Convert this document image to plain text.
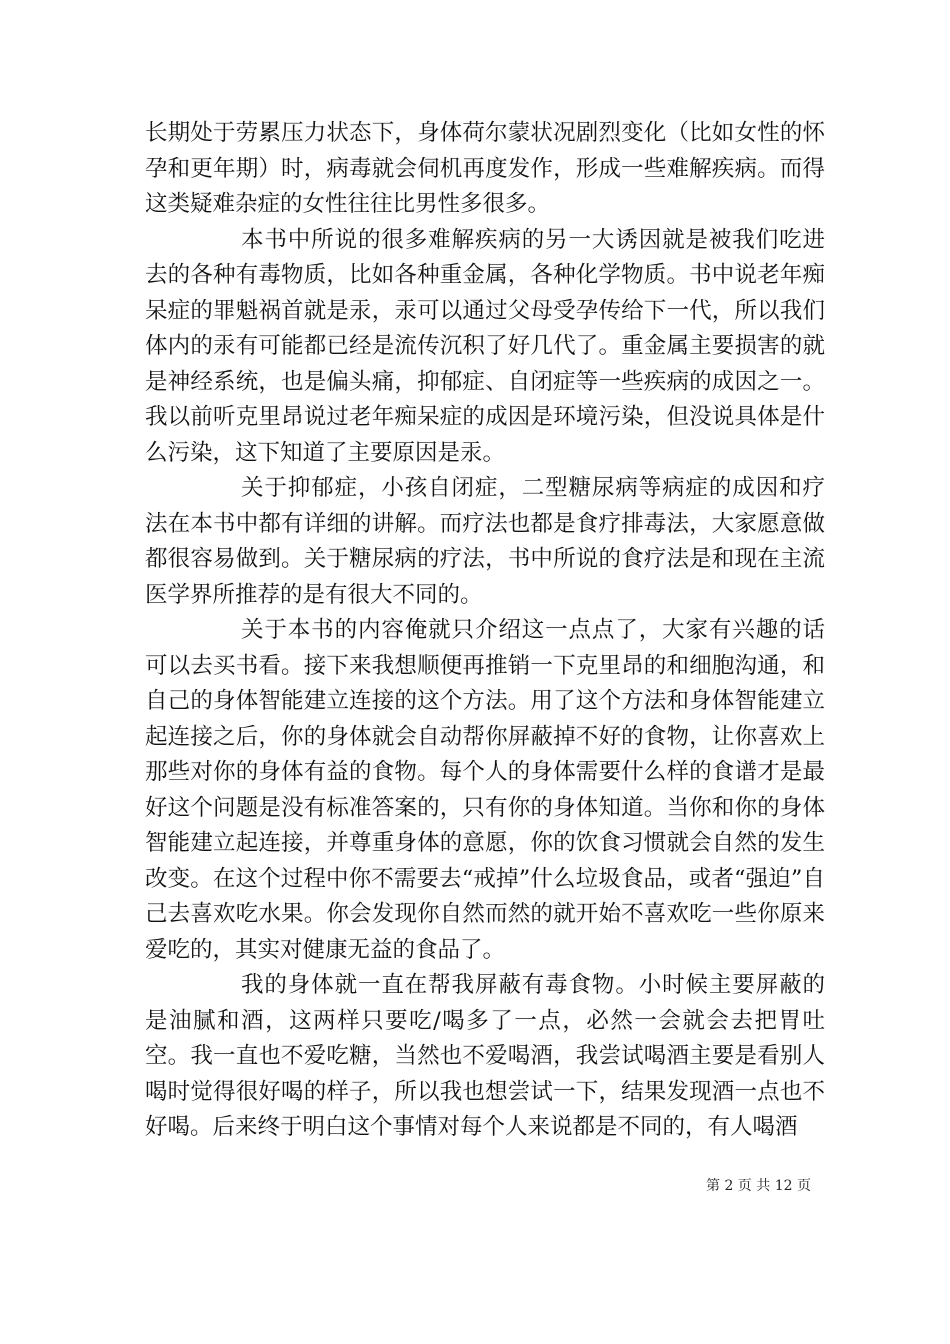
长期处于劳累压力状态下，身体荷尔蒙状况剧烈变化（比如女性的怀孕和更年期）时，病毒就会伺机再度发作，形成一些难解疾病。而得这类疑难杂症的女性往往比男性多很多。

本书中所说的很多难解疾病的另一大诱因就是被我们吃进去的各种有毒物质，比如各种重金属，各种化学物质。书中说老年痴呆症的罪魁祸首就是汞，汞可以通过父母受孕传给下一代，所以我们体内的汞有可能都已经是流传沉积了好几代了。重金属主要损害的就是神经系统，也是偏头痛，抑郁症、自闭症等一些疾病的成因之一。我以前听克里昂说过老年痴呆症的成因是环境污染，但没说具体是什么污染，这下知道了主要原因是汞。

关于抑郁症，小孩自闭症，二型糖尿病等病症的成因和疗法在本书中都有详细的讲解。而疗法也都是食疗排毒法，大家愿意做都很容易做到。关于糖尿病的疗法，书中所说的食疗法是和现在主流医学界所推荐的是有很大不同的。

关于本书的内容俺就只介绍这一点点了，大家有兴趣的话可以去买书看。接下来我想顺便再推销一下克里昂的和细胞沟通，和自己的身体智能建立连接的这个方法。用了这个方法和身体智能建立起连接之后，你的身体就会自动帮你屏蔽掉不好的食物，让你喜欢上那些对你的身体有益的食物。每个人的身体需要什么样的食谱才是最好这个问题是没有标准答案的，只有你的身体知道。当你和你的身体智能建立起连接，并尊重身体的意愿，你的饮食习惯就会自然的发生改变。在这个过程中你不需要去“戒掉”什么垃圾食品，或者“强迫”自己去喜欢吃水果。你会发现你自然而然的就开始不喜欢吃一些你原来爱吃的，其实对健康无益的食品了。

我的身体就一直在帮我屏蔽有毒食物。小时候主要屏蔽的是油腻和酒，这两样只要吃/喝多了一点，必然一会就会去把胃吐空。我一直也不爱吃糖，当然也不爱喝酒，我尝试喝酒主要是看别人喝时觉得很好喝的样子，所以我也想尝试一下，结果发现酒一点也不好喝。后来终于明白这个事情对每个人来说都是不同的，有人喝酒

第 2 页 共 12 页
